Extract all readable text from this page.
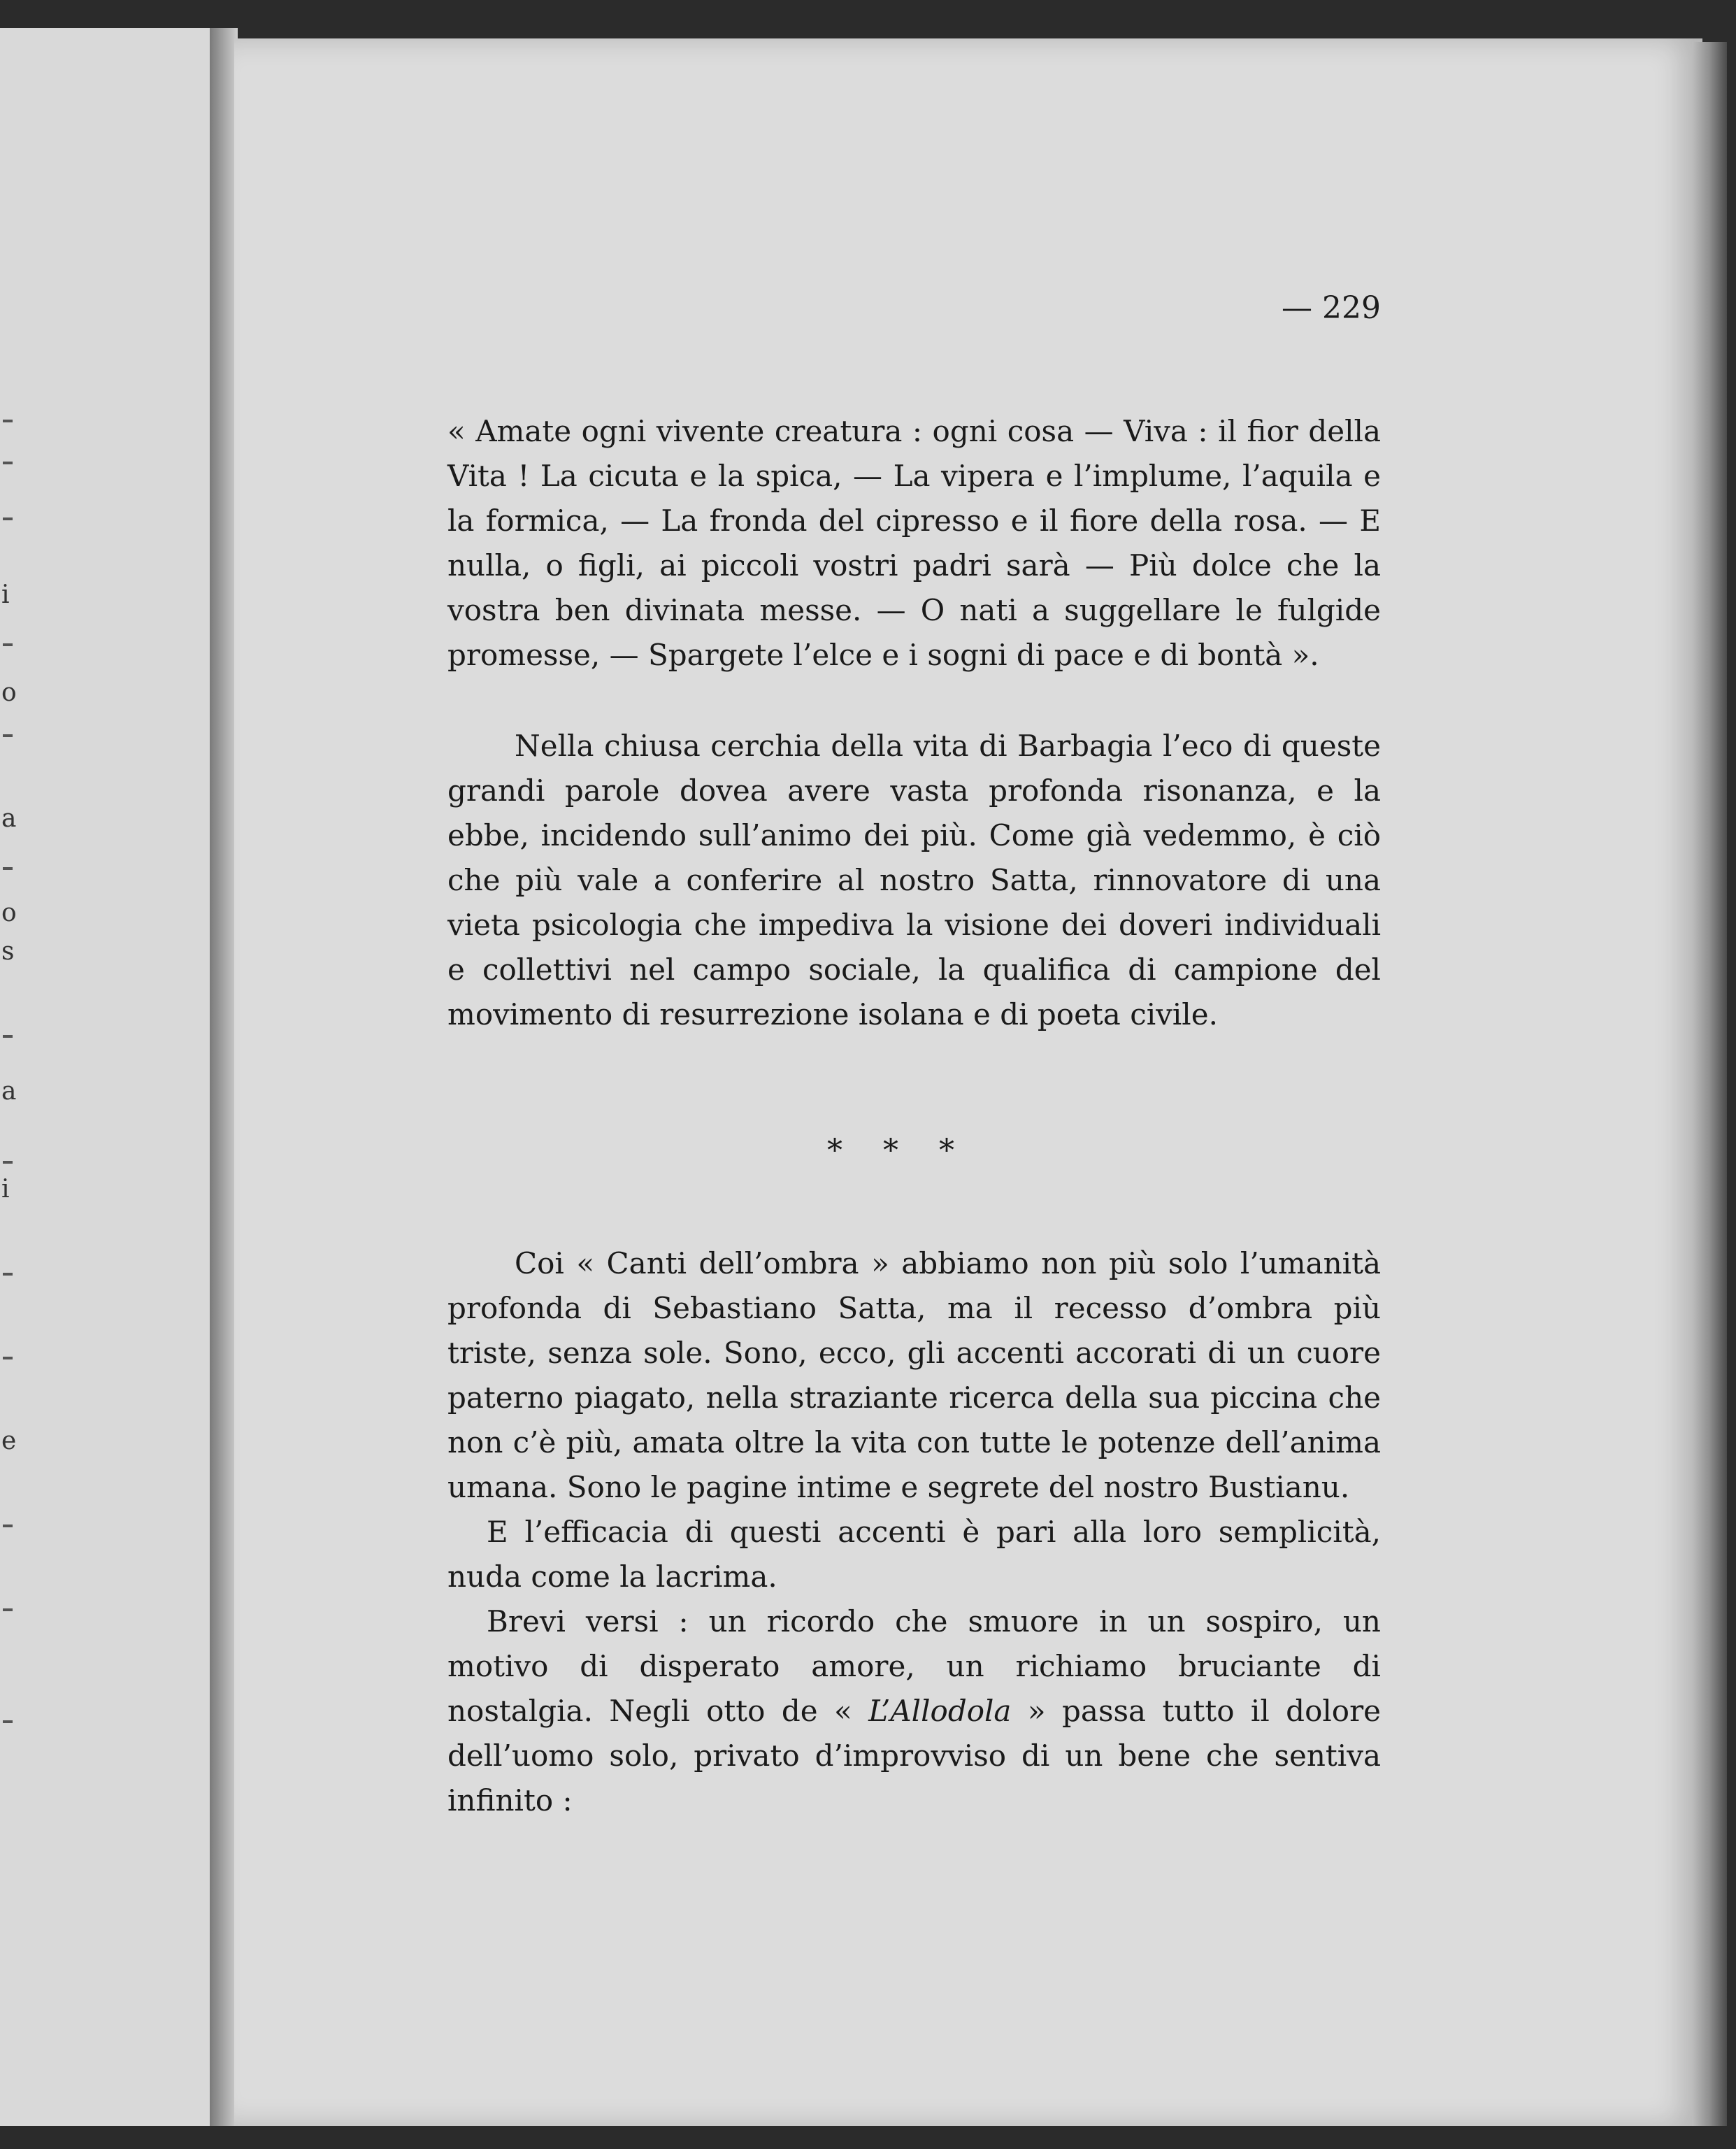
i
o
a
o
s
a
i
e
— 229

« Amate ogni vivente creatura : ogni cosa — Viva : il fior della Vita ! La cicuta e la spica, — La vipera e l’implume, l’aquila e la formica, — La fronda del cipresso e il fiore della rosa. — E nulla, o figli, ai piccoli vostri padri sarà — Più dolce che la vostra ben divinata messe. — O nati a suggellare le fulgide promesse, — Spargete l’elce e i sogni di pace e di bontà ».

Nella chiusa cerchia della vita di Barbagia l’eco di queste grandi parole dovea avere vasta profonda risonanza, e la ebbe, incidendo sull’animo dei più. Come già vedemmo, è ciò che più vale a conferire al nostro Satta, rinnovatore di una vieta psicologia che impediva la visione dei doveri individuali e collettivi nel campo sociale, la qualifica di campione del movimento di resurrezione isolana e di poeta civile.

* * *

Coi « Canti dell’ombra » abbiamo non più solo l’umanità profonda di Sebastiano Satta, ma il recesso d’ombra più triste, senza sole. Sono, ecco, gli accenti accorati di un cuore paterno piagato, nella straziante ricerca della sua piccina che non c’è più, amata oltre la vita con tutte le potenze dell’anima umana. Sono le pagine intime e segrete del nostro Bustianu.

E l’efficacia di questi accenti è pari alla loro semplicità, nuda come la lacrima.

Brevi versi : un ricordo che smuore in un sospiro, un motivo di disperato amore, un richiamo bruciante di nostalgia. Negli otto de « L’Allodola » passa tutto il dolore dell’uomo solo, privato d’improvviso di un bene che sentiva infinito :
